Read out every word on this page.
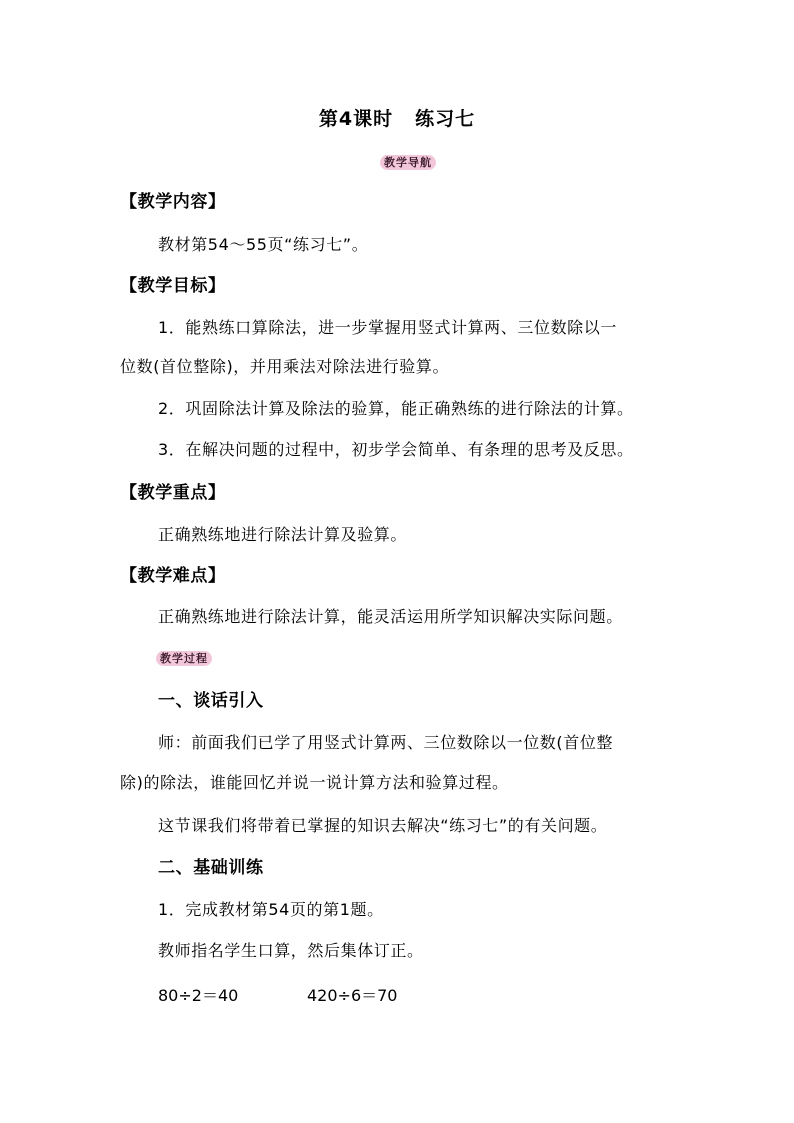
第4课时 练习七
教学导航
【教学内容】
教材第54～55页“练习七”。
【教学目标】
1．能熟练口算除法，进一步掌握用竖式计算两、三位数除以一
位数(首位整除)，并用乘法对除法进行验算。
2．巩固除法计算及除法的验算，能正确熟练的进行除法的计算。
3．在解决问题的过程中，初步学会简单、有条理的思考及反思。
【教学重点】
正确熟练地进行除法计算及验算。
【教学难点】
正确熟练地进行除法计算，能灵活运用所学知识解决实际问题。
教学过程
一、谈话引入
师：前面我们已学了用竖式计算两、三位数除以一位数(首位整
除)的除法，谁能回忆并说一说计算方法和验算过程。
这节课我们将带着已掌握的知识去解决“练习七”的有关问题。
二、基础训练
1．完成教材第54页的第1题。
教师指名学生口算，然后集体订正。
80÷2＝40	420÷6＝70
